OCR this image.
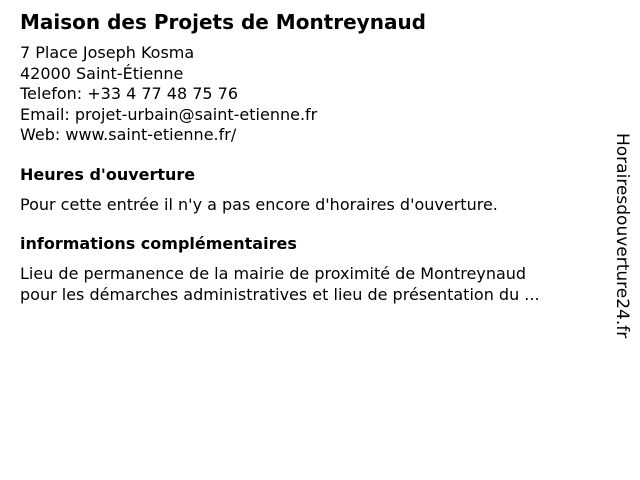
Maison des Projets de Montreynaud
7 Place Joseph Kosma
42000 Saint-Étienne
Telefon: +33 4 77 48 75 76
Email: projet-urbain@saint-etienne.fr
Web: www.saint-etienne.fr/
Heures d'ouverture
Pour cette entrée il n'y a pas encore d'horaires d'ouverture.
informations complémentaires
Lieu de permanence de la mairie de proximité de Montreynaud
pour les démarches administratives et lieu de présentation du ...	Horairesdouverture24.fr
